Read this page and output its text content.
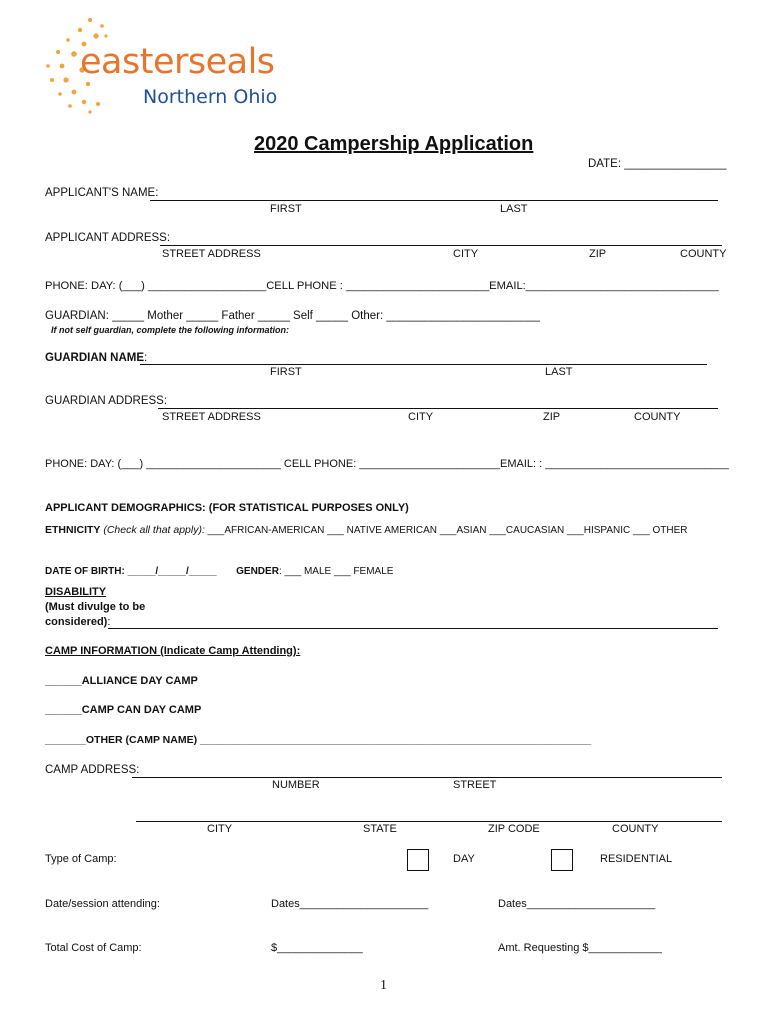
easterseals
Northern Ohio
2020 Campership Application
DATE: ________________
APPLICANT'S NAME:
FIRST	LAST
APPLICANT ADDRESS:
STREET ADDRESS	CITY	ZIP	COUNTY
PHONE: DAY: (___) ___________________CELL PHONE : _______________________EMAIL:_______________________________
GUARDIAN: _____ Mother _____ Father _____ Self _____ Other: ________________________
If not self guardian, complete the following information:
GUARDIAN NAME:
FIRST	LAST
GUARDIAN ADDRESS:
STREET ADDRESS	CITY	ZIP	COUNTY
PHONE: DAY: (___) ______________________ CELL PHONE: _______________________EMAIL: : ______________________________
APPLICANT DEMOGRAPHICS: (FOR STATISTICAL PURPOSES ONLY)
ETHNICITY (Check all that apply): ___AFRICAN-AMERICAN ___ NATIVE AMERICAN ___ASIAN ___CAUCASIAN ___HISPANIC ___ OTHER
DATE OF BIRTH: _____/_____/_____ GENDER: ___ MALE ___ FEMALE
DISABILITY
(Must divulge to be
considered):
CAMP INFORMATION (Indicate Camp Attending):
______ALLIANCE DAY CAMP
______CAMP CAN DAY CAMP
_______OTHER (CAMP NAME) ___________________________________________________________________
CAMP ADDRESS:
NUMBER	STREET
CITY	STATE	ZIP CODE	COUNTY
Type of Camp:	DAY	RESIDENTIAL
Date/session attending:	Dates_____________________	Dates_____________________
Total Cost of Camp:	$______________	Amt. Requesting $____________
1
